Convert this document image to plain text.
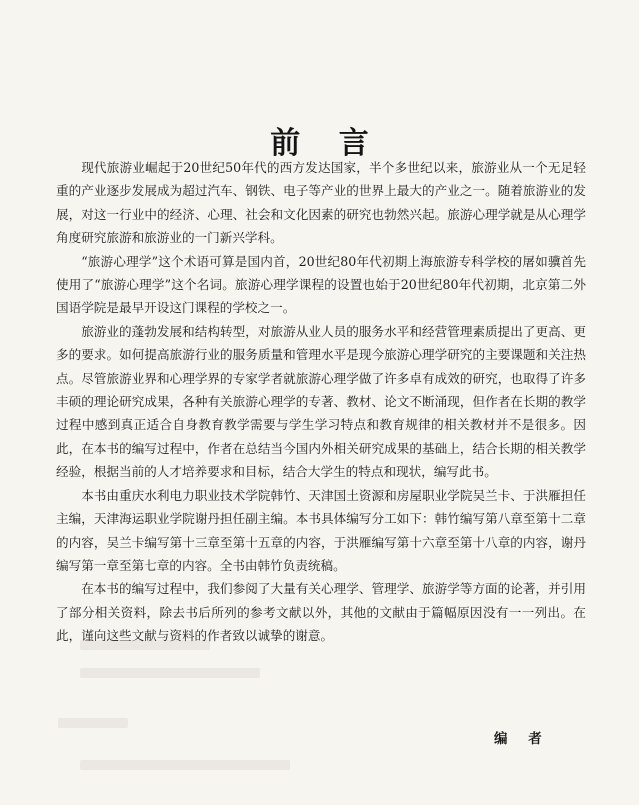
前 言

现代旅游业崛起于20世纪50年代的西方发达国家，半个多世纪以来，旅游业从一个无足轻重的产业逐步发展成为超过汽车、钢铁、电子等产业的世界上最大的产业之一。随着旅游业的发展，对这一行业中的经济、心理、社会和文化因素的研究也勃然兴起。旅游心理学就是从心理学角度研究旅游和旅游业的一门新兴学科。

“旅游心理学”这个术语可算是国内首，20世纪80年代初期上海旅游专科学校的屠如骥首先使用了“旅游心理学”这个名词。旅游心理学课程的设置也始于20世纪80年代初期，北京第二外国语学院是最早开设这门课程的学校之一。

旅游业的蓬勃发展和结构转型，对旅游从业人员的服务水平和经营管理素质提出了更高、更多的要求。如何提高旅游行业的服务质量和管理水平是现今旅游心理学研究的主要课题和关注热点。尽管旅游业界和心理学界的专家学者就旅游心理学做了许多卓有成效的研究，也取得了许多丰硕的理论研究成果，各种有关旅游心理学的专著、教材、论文不断涌现，但作者在长期的教学过程中感到真正适合自身教育教学需要与学生学习特点和教育规律的相关教材并不是很多。因此，在本书的编写过程中，作者在总结当今国内外相关研究成果的基础上，结合长期的相关教学经验，根据当前的人才培养要求和目标，结合大学生的特点和现状，编写此书。

本书由重庆水利电力职业技术学院韩竹、天津国土资源和房屋职业学院吴兰卡、于洪雁担任主编，天津海运职业学院谢丹担任副主编。本书具体编写分工如下：韩竹编写第八章至第十二章的内容，吴兰卡编写第十三章至第十五章的内容，于洪雁编写第十六章至第十八章的内容，谢丹编写第一章至第七章的内容。全书由韩竹负责统稿。

在本书的编写过程中，我们参阅了大量有关心理学、管理学、旅游学等方面的论著，并引用了部分相关资料，除去书后所列的参考文献以外，其他的文献由于篇幅原因没有一一列出。在此，谨向这些文献与资料的作者致以诚挚的谢意。

编 者
